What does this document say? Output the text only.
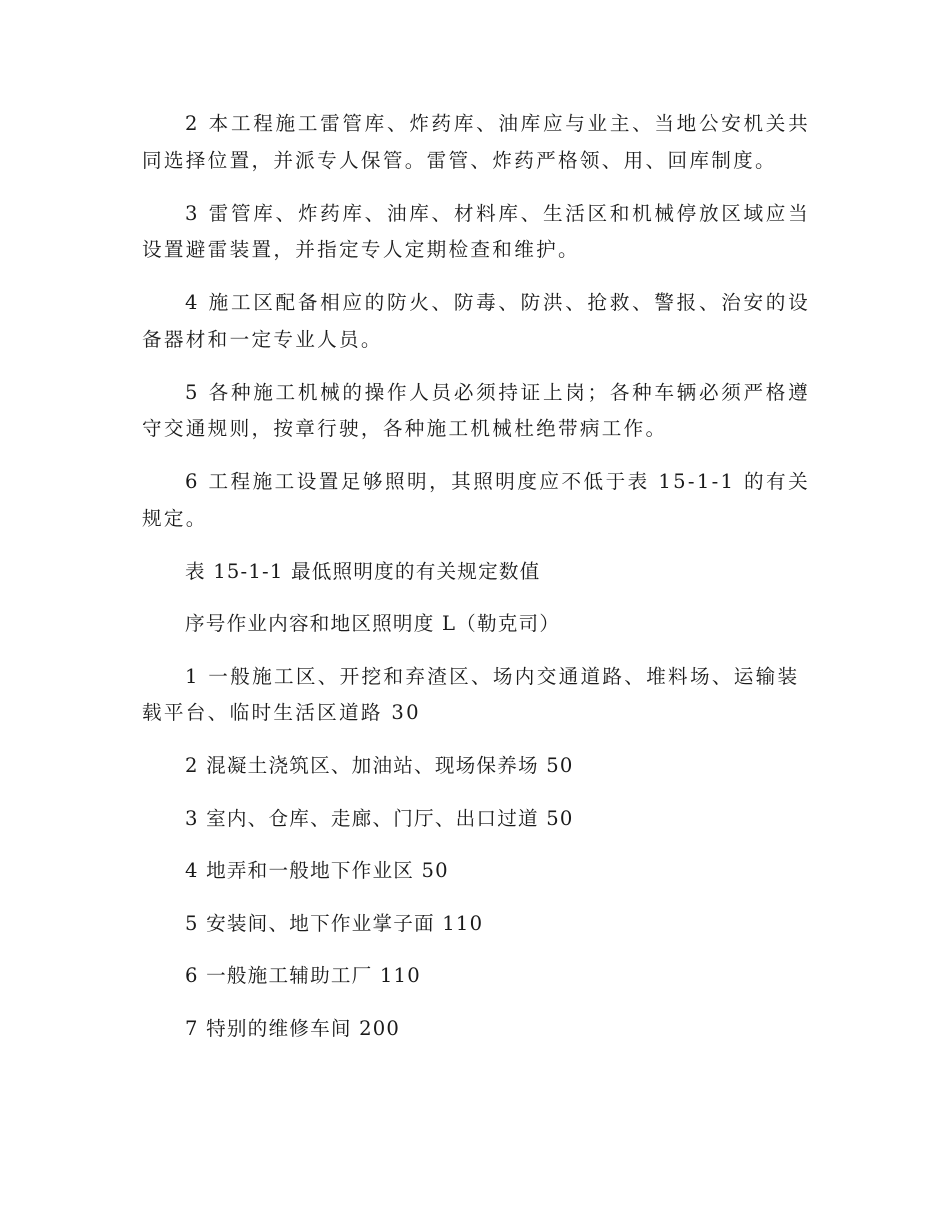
2 本工程施工雷管库、炸药库、油库应与业主、当地公安机关共同选择位置，并派专人保管。雷管、炸药严格领、用、回库制度。

3 雷管库、炸药库、油库、材料库、生活区和机械停放区域应当设置避雷装置，并指定专人定期检查和维护。

4 施工区配备相应的防火、防毒、防洪、抢救、警报、治安的设备器材和一定专业人员。

5 各种施工机械的操作人员必须持证上岗；各种车辆必须严格遵守交通规则，按章行驶，各种施工机械杜绝带病工作。

6 工程施工设置足够照明，其照明度应不低于表 15-1-1 的有关规定。

表 15-1-1 最低照明度的有关规定数值

序号作业内容和地区照明度 L（勒克司）

1 一般施工区、开挖和弃渣区、场内交通道路、堆料场、运输装载平台、临时生活区道路 30

2 混凝土浇筑区、加油站、现场保养场 50

3 室内、仓库、走廊、门厅、出口过道 50

4 地弄和一般地下作业区 50

5 安装间、地下作业掌子面 110

6 一般施工辅助工厂 110

7 特别的维修车间 200
